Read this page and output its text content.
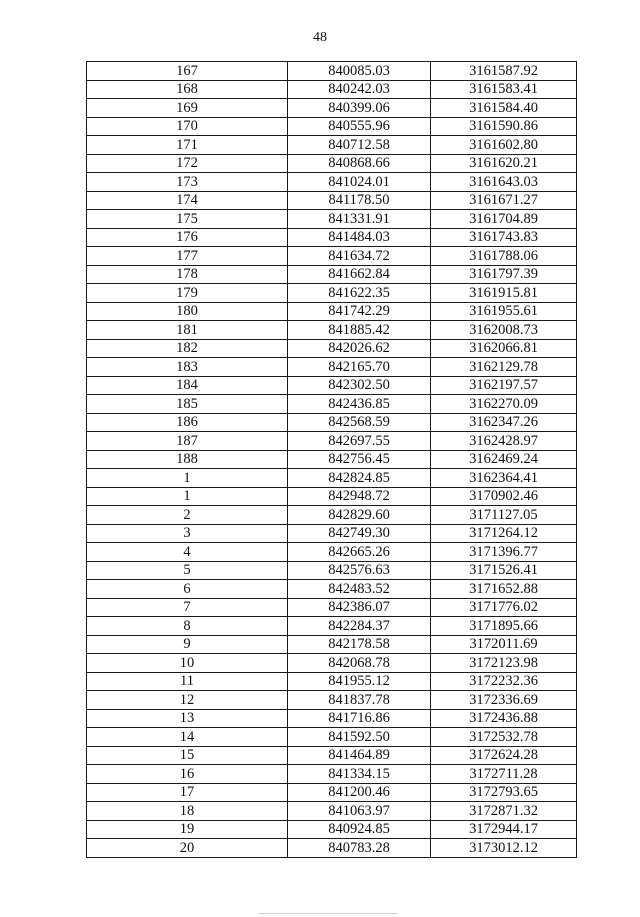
48
167	840085.03	3161587.92
168	840242.03	3161583.41
169	840399.06	3161584.40
170	840555.96	3161590.86
171	840712.58	3161602.80
172	840868.66	3161620.21
173	841024.01	3161643.03
174	841178.50	3161671.27
175	841331.91	3161704.89
176	841484.03	3161743.83
177	841634.72	3161788.06
178	841662.84	3161797.39
179	841622.35	3161915.81
180	841742.29	3161955.61
181	841885.42	3162008.73
182	842026.62	3162066.81
183	842165.70	3162129.78
184	842302.50	3162197.57
185	842436.85	3162270.09
186	842568.59	3162347.26
187	842697.55	3162428.97
188	842756.45	3162469.24
1	842824.85	3162364.41
1	842948.72	3170902.46
2	842829.60	3171127.05
3	842749.30	3171264.12
4	842665.26	3171396.77
5	842576.63	3171526.41
6	842483.52	3171652.88
7	842386.07	3171776.02
8	842284.37	3171895.66
9	842178.58	3172011.69
10	842068.78	3172123.98
11	841955.12	3172232.36
12	841837.78	3172336.69
13	841716.86	3172436.88
14	841592.50	3172532.78
15	841464.89	3172624.28
16	841334.15	3172711.28
17	841200.46	3172793.65
18	841063.97	3172871.32
19	840924.85	3172944.17
20	840783.28	3173012.12
